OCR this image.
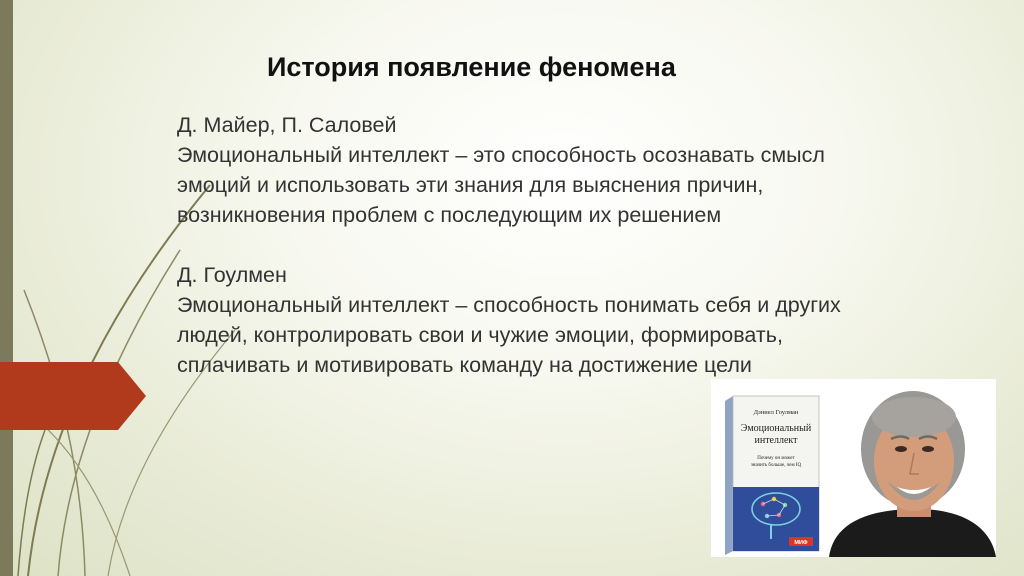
История появление феномена

Д. Майер, П. Саловей

Эмоциональный интеллект – это способность осознавать смысл

эмоций и использовать эти знания для выяснения причин,

возникновения проблем с последующим их решением

Д. Гоулмен

Эмоциональный интеллект – способность понимать себя и других

людей, контролировать свои и чужие эмоции, формировать,

сплачивать и мотивировать команду на достижение цели

Дэниел Гоулман
Эмоциональный
интеллект
Почему он может
значить больше, чем IQ
МИФ
